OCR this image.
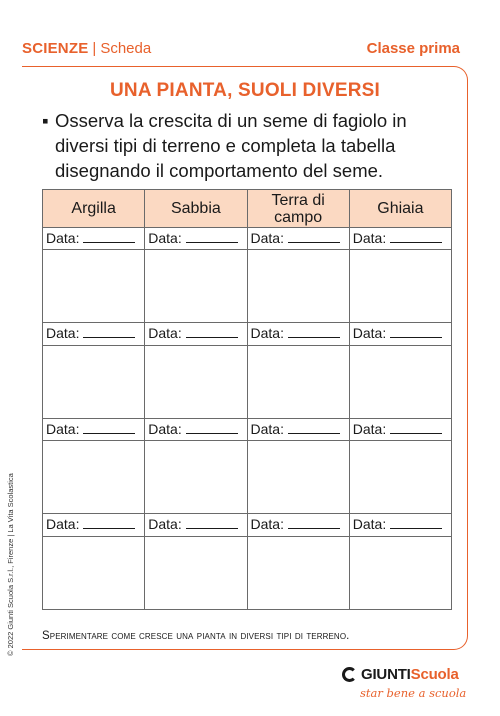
SCIENZE | Scheda	Classe prima
UNA PIANTA, SUOLI DIVERSI
▪ Osserva la crescita di un seme di fagiolo in diversi tipi di terreno e completa la tabella disegnando il comportamento del seme.
Argilla	Sabbia	Terra di campo	Ghiaia
Data:	Data:	Data:	Data:

Data:	Data:	Data:	Data:

Data:	Data:	Data:	Data:

Data:	Data:	Data:	Data:

Sperimentare come cresce una pianta in diversi tipi di terreno.
© 2022 Giunti Scuola S.r.l., Firenze | La Vita Scolastica
GIUNTIScuola
star bene a scuola
